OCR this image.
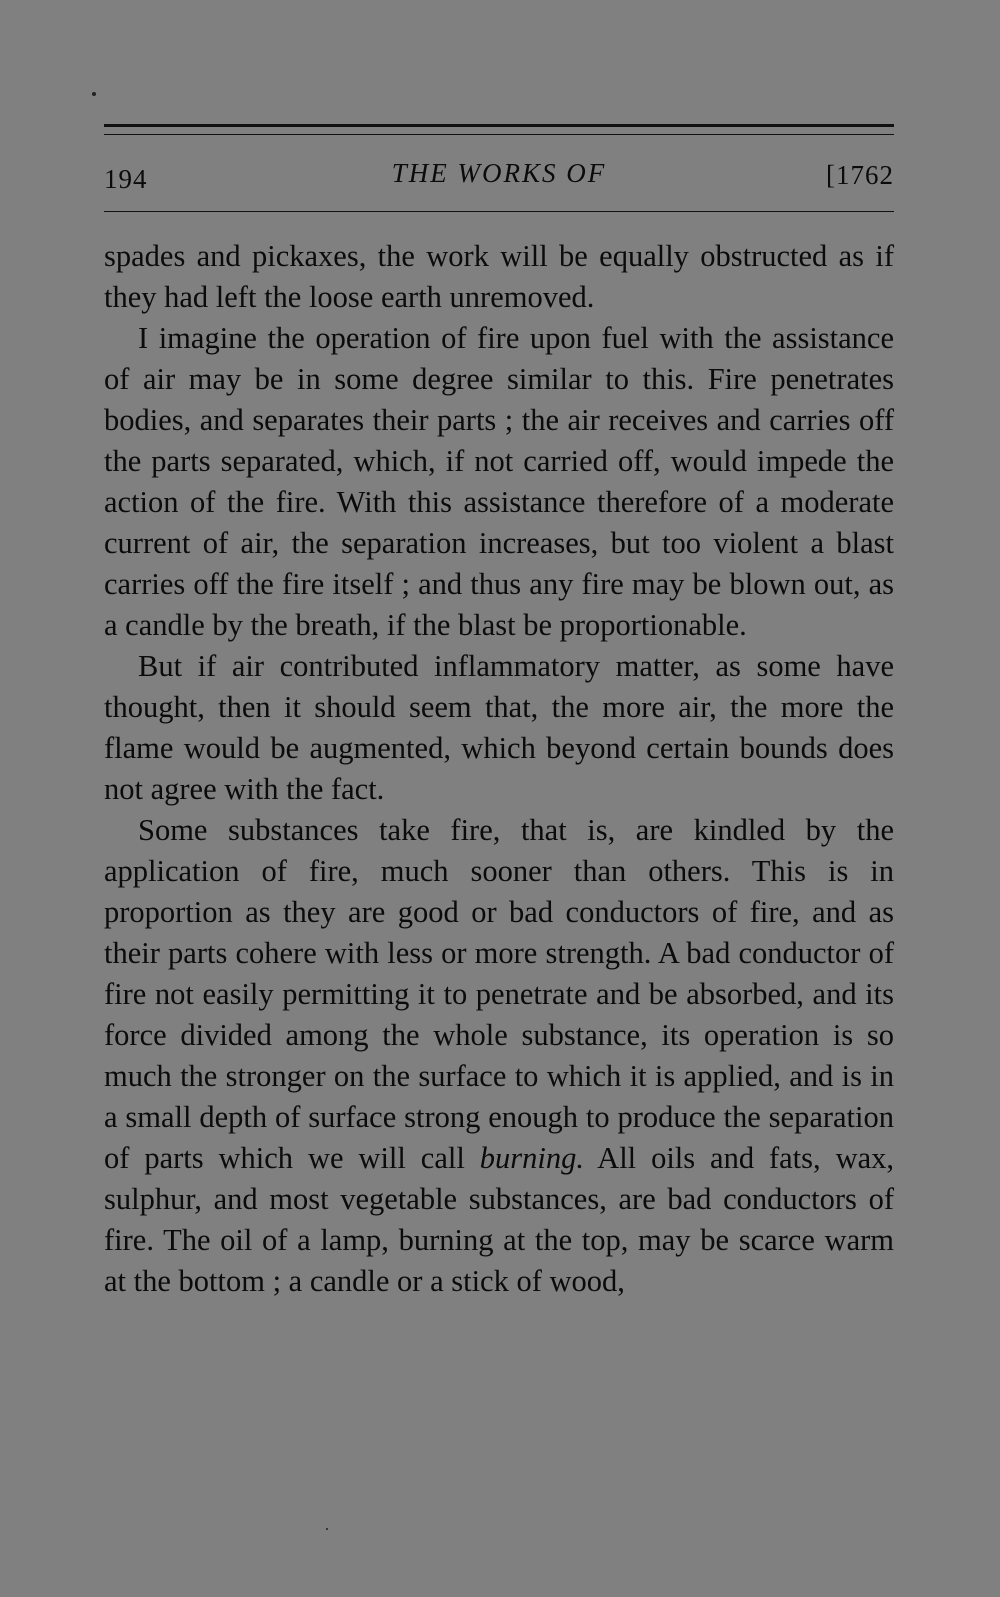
194	THE WORKS OF	[1762

spades and pickaxes, the work will be equally obstructed as if they had left the loose earth unremoved.

I imagine the operation of fire upon fuel with the assistance of air may be in some degree similar to this. Fire penetrates bodies, and separates their parts ; the air receives and carries off the parts separated, which, if not carried off, would impede the action of the fire. With this assistance therefore of a moderate current of air, the separation increases, but too violent a blast carries off the fire itself ; and thus any fire may be blown out, as a candle by the breath, if the blast be proportionable.

But if air contributed inflammatory matter, as some have thought, then it should seem that, the more air, the more the flame would be augmented, which beyond certain bounds does not agree with the fact.

Some substances take fire, that is, are kindled by the application of fire, much sooner than others. This is in proportion as they are good or bad conductors of fire, and as their parts cohere with less or more strength. A bad conductor of fire not easily permitting it to penetrate and be absorbed, and its force divided among the whole substance, its operation is so much the stronger on the surface to which it is applied, and is in a small depth of surface strong enough to produce the separation of parts which we will call burning. All oils and fats, wax, sulphur, and most vegetable substances, are bad conductors of fire. The oil of a lamp, burning at the top, may be scarce warm at the bottom ; a candle or a stick of wood,
